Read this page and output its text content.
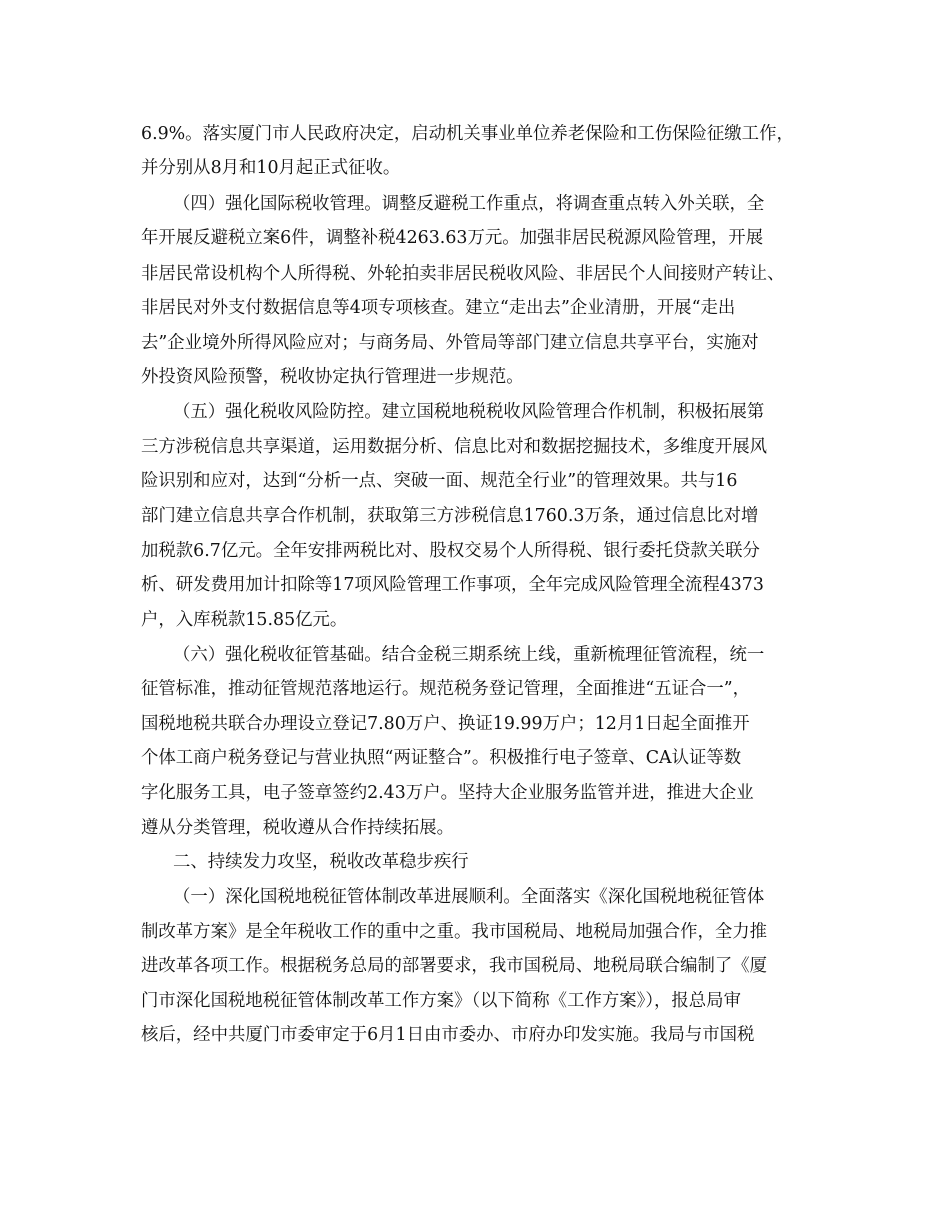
6.9%。落实厦门市人民政府决定，启动机关事业单位养老保险和工伤保险征缴工作，
并分别从8月和10月起正式征收。
（四）强化国际税收管理。调整反避税工作重点，将调查重点转入外关联，全
年开展反避税立案6件，调整补税4263.63万元。加强非居民税源风险管理，开展
非居民常设机构个人所得税、外轮拍卖非居民税收风险、非居民个人间接财产转让、
非居民对外支付数据信息等4项专项核查。建立“走出去”企业清册，开展“走出
去”企业境外所得风险应对；与商务局、外管局等部门建立信息共享平台，实施对
外投资风险预警，税收协定执行管理进一步规范。
（五）强化税收风险防控。建立国税地税税收风险管理合作机制，积极拓展第
三方涉税信息共享渠道，运用数据分析、信息比对和数据挖掘技术，多维度开展风
险识别和应对，达到“分析一点、突破一面、规范全行业”的管理效果。共与16
部门建立信息共享合作机制，获取第三方涉税信息1760.3万条，通过信息比对增
加税款6.7亿元。全年安排两税比对、股权交易个人所得税、银行委托贷款关联分
析、研发费用加计扣除等17项风险管理工作事项，全年完成风险管理全流程4373
户，入库税款15.85亿元。
（六）强化税收征管基础。结合金税三期系统上线，重新梳理征管流程，统一
征管标准，推动征管规范落地运行。规范税务登记管理，全面推进“五证合一”，
国税地税共联合办理设立登记7.80万户、换证19.99万户；12月1日起全面推开
个体工商户税务登记与营业执照“两证整合”。积极推行电子签章、CA认证等数
字化服务工具，电子签章签约2.43万户。坚持大企业服务监管并进，推进大企业
遵从分类管理，税收遵从合作持续拓展。
二、持续发力攻坚，税收改革稳步疾行
（一）深化国税地税征管体制改革进展顺利。全面落实《深化国税地税征管体
制改革方案》是全年税收工作的重中之重。我市国税局、地税局加强合作，全力推
进改革各项工作。根据税务总局的部署要求，我市国税局、地税局联合编制了《厦
门市深化国税地税征管体制改革工作方案》（以下简称《工作方案》），报总局审
核后，经中共厦门市委审定于6月1日由市委办、市府办印发实施。我局与市国税
